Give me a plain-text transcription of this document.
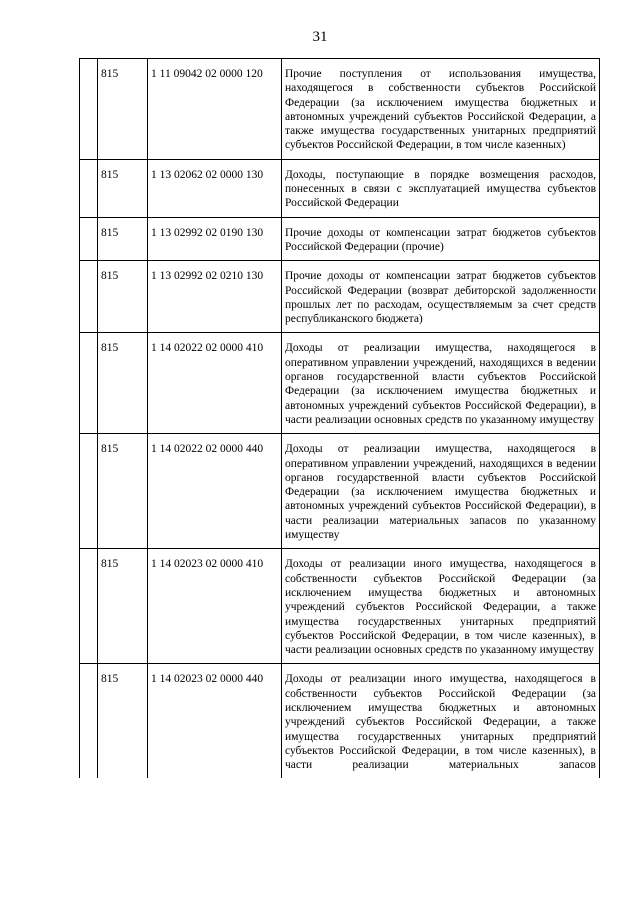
31
	815	1 11 09042 02 0000 120	Прочие поступления от использования имущества, находящегося в собственности субъектов Российской Федерации (за исключением имущества бюджетных и автономных учреждений субъектов Российской Федерации, а также имущества государственных унитарных предприятий субъектов Российской Федерации, в том числе казенных)
	815	1 13 02062 02 0000 130	Доходы, поступающие в порядке возмещения расходов, понесенных в связи с эксплуатацией имущества субъектов Российской Федерации
	815	1 13 02992 02 0190 130	Прочие доходы от компенсации затрат бюджетов субъектов Российской Федерации (прочие)
	815	1 13 02992 02 0210 130	Прочие доходы от компенсации затрат бюджетов субъектов Российской Федерации (возврат дебиторской задолженности прошлых лет по расходам, осуществляемым за счет средств республиканского бюджета)
	815	1 14 02022 02 0000 410	Доходы от реализации имущества, находящегося в оперативном управлении учреждений, находящихся в ведении органов государственной власти субъектов Российской Федерации (за исключением имущества бюджетных и автономных учреждений субъектов Российской Федерации), в части реализации основных средств по указанному имуществу
	815	1 14 02022 02 0000 440	Доходы от реализации имущества, находящегося в оперативном управлении учреждений, находящихся в ведении органов государственной власти субъектов Российской Федерации (за исключением имущества бюджетных и автономных учреждений субъектов Российской Федерации), в части реализации материальных запасов по указанному имуществу
	815	1 14 02023 02 0000 410	Доходы от реализации иного имущества, находящегося в собственности субъектов Российской Федерации (за исключением имущества бюджетных и автономных учреждений субъектов Российской Федерации, а также имущества государственных унитарных предприятий субъектов Российской Федерации, в том числе казенных), в части реализации основных средств по указанному имуществу
	815	1 14 02023 02 0000 440	Доходы от реализации иного имущества, находящегося в собственности субъектов Российской Федерации (за исключением имущества бюджетных и автономных учреждений субъектов Российской Федерации, а также имущества государственных унитарных предприятий субъектов Российской Федерации, в том числе казенных), в части реализации материальных запасов
